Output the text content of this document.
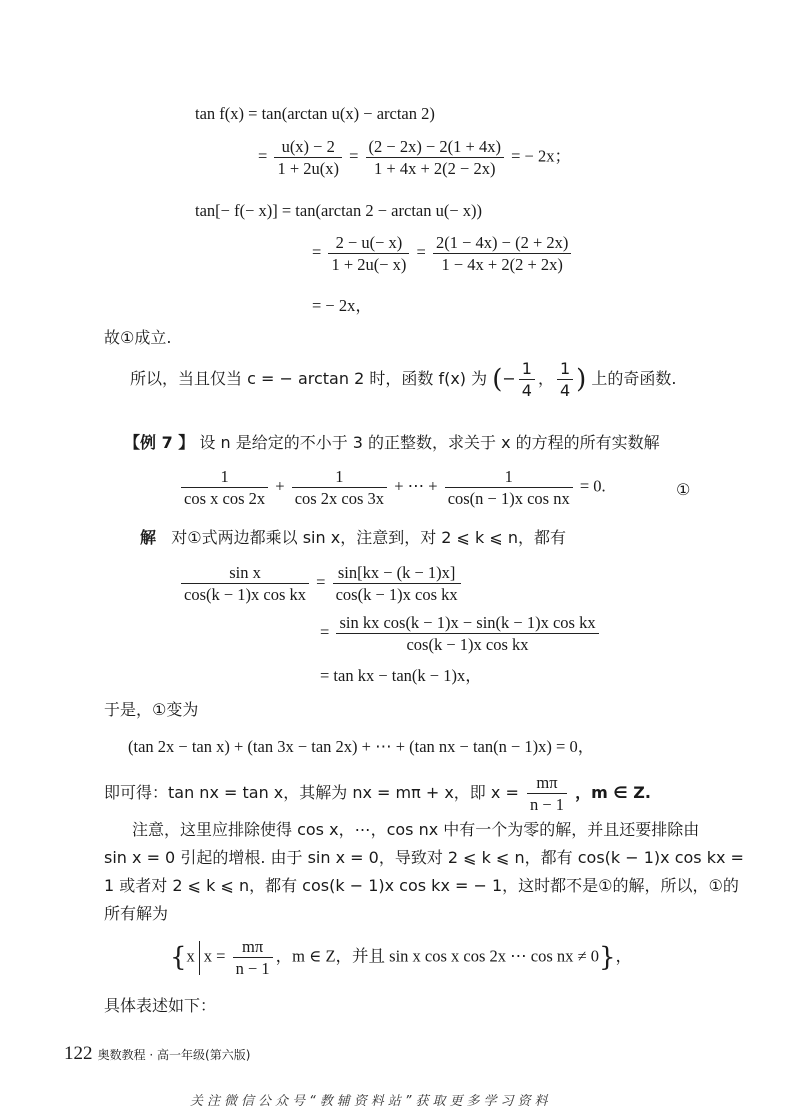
tan f(x) = tan(arctan u(x) − arctan 2)
= $\frac{u(x) - 2}{1 + 2u(x)} = \frac{(2 - 2x) - 2(1 + 4x)}{1 + 4x + 2(2 - 2x)}$ = − 2x；
tan[− f(− x)] = tan(arctan 2 − arctan u(− x))
= $\frac{2 - u(- x)}{1 + 2u(- x)} = \frac{2(1 - 4x) - (2 + 2x)}{1 - 4x + 2(2 + 2x)}$
= − 2x，
故①成立.
所以，当且仅当 c = − arctan 2 时，函数 f(x) 为 (− $\frac{1}{4}$ ， $\frac{1}{4}$ ) 上的奇函数.
【例 7 】 设 n 是给定的不小于 3 的正整数，求关于 x 的方程的所有实数解
$\frac{1}{\text{cos x cos 2x}} + \frac{1}{\text{cos 2x cos 3x}}$ + ⋯ + $\frac{1}{\text{cos(n − 1)x cos nx}} = 0$.	①
解 对①式两边都乘以 sin x，注意到，对 2 ⩽ k ⩽ n，都有
$\frac{\text{sin x}}{\text{cos(k − 1)x cos kx}} = \frac{\sin[kx - (k - 1)x]}{\text{cos(k − 1)x cos kx}}$
= $\frac{\text{sin kx cos(k − 1)x − sin(k − 1)x cos kx}}{\text{cos(k − 1)x cos kx}}$
= tan kx − tan(k − 1)x，
于是，①变为
(tan 2x − tan x) + (tan 3x − tan 2x) + ⋯ + (tan nx − tan(n − 1)x) = 0，
即可得：tan nx = tan x，其解为 nx = mπ + x，即 $x = \frac{m\pi}{n - 1}$ ，m ∈ Z.
注意，这里应排除使得 cos x，⋯，cos nx 中有一个为零的解，并且还要排除由
sin x = 0 引起的增根. 由于 sin x = 0，导致对 2 ⩽ k ⩽ n，都有 cos(k − 1)x cos kx =
1 或者对 2 ⩽ k ⩽ n，都有 cos(k − 1)x cos kx = − 1，这时都不是①的解，所以，①的
所有解为
{x $x = \frac{m\pi}{n - 1}$ ，m ∈ Z，并且 sin x cos x cos 2x ⋯ cos nx ≠ 0}，
具体表述如下：
122 奥数教程 · 高一年级(第六版)
关注微信公众号“教辅资料站”获取更多学习资料
